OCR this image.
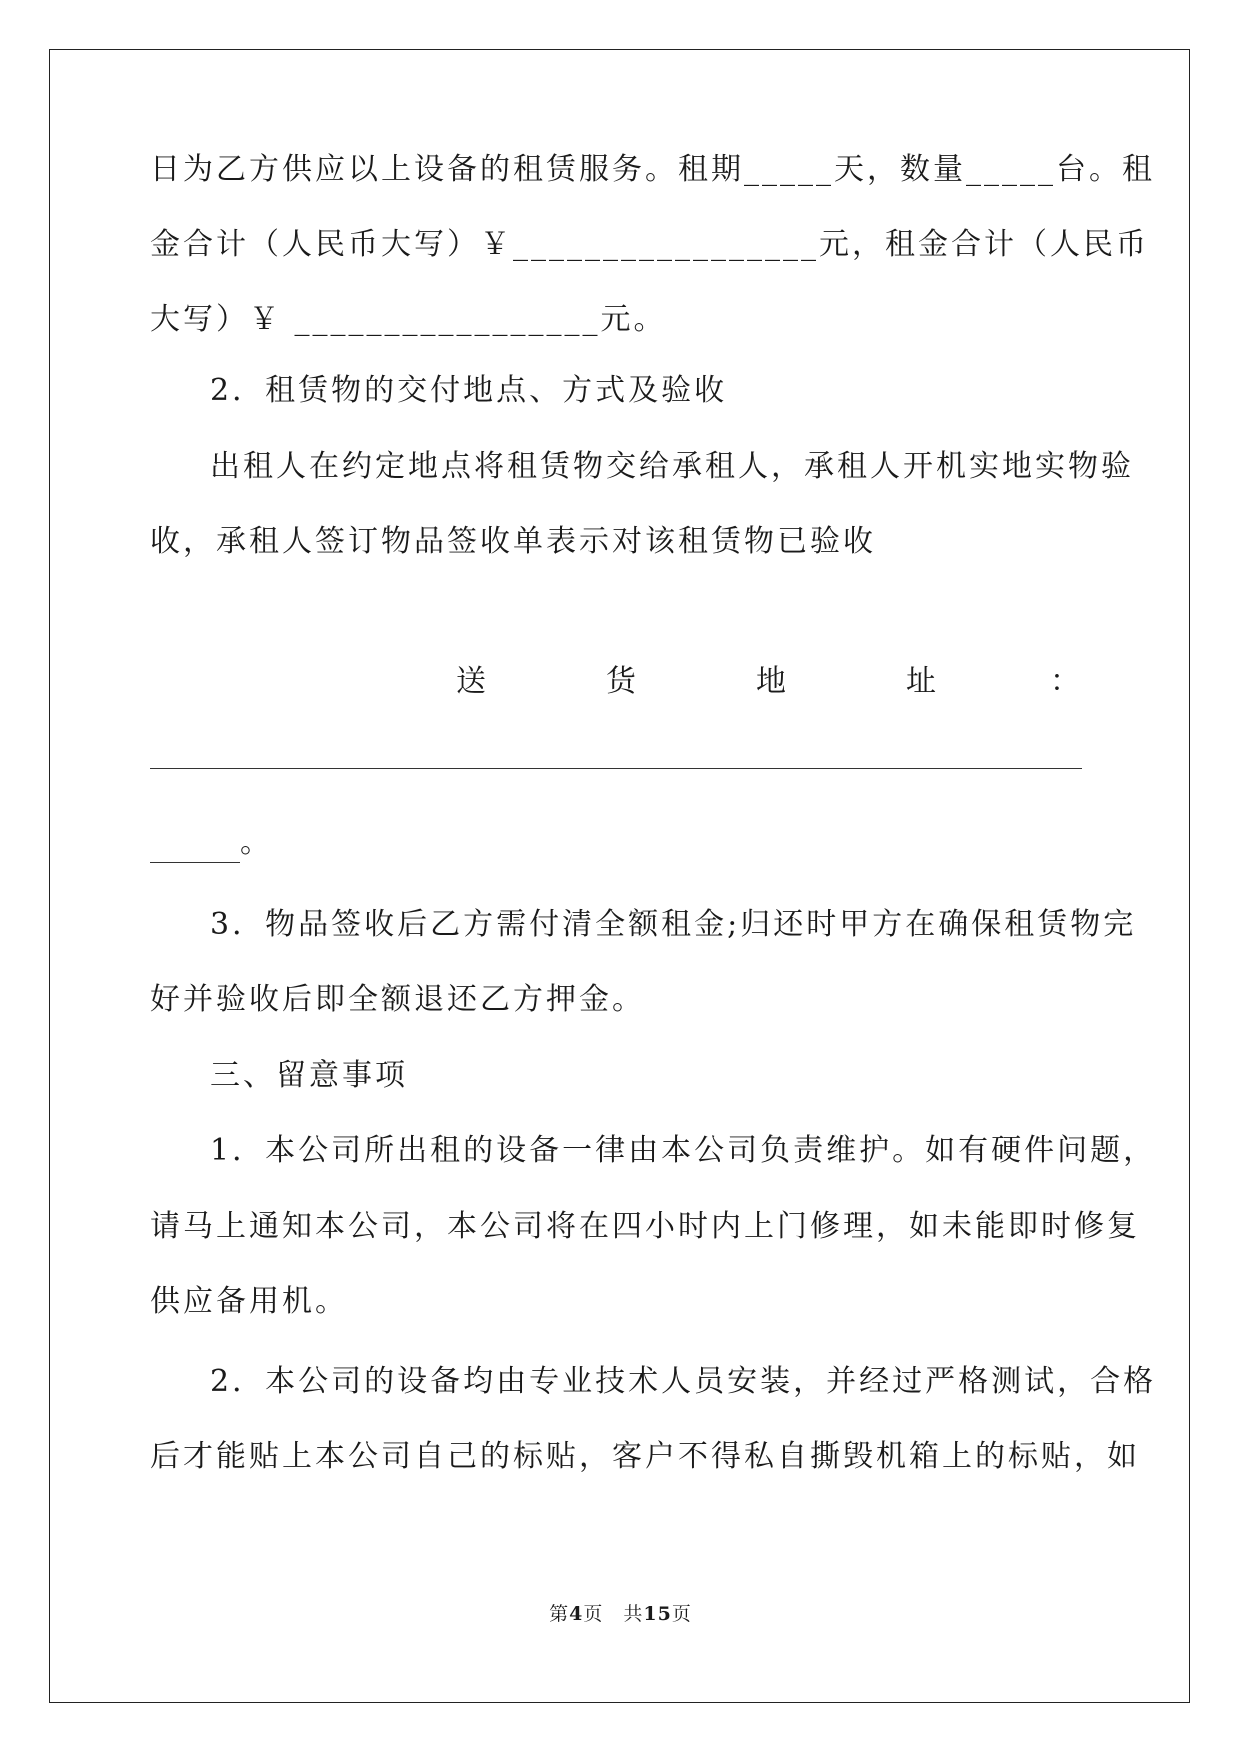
日为乙方供应以上设备的租赁服务。租期_____天，数量_____台。租
金合计（人民币大写）￥_________________元，租金合计（人民币
大写）￥ _________________元。
2．租赁物的交付地点、方式及验收
出租人在约定地点将租赁物交给承租人，承租人开机实地实物验
收，承租人签订物品签收单表示对该租赁物已验收
送	货	地	址	：
。
3．物品签收后乙方需付清全额租金;归还时甲方在确保租赁物完
好并验收后即全额退还乙方押金。
三、留意事项
1．本公司所出租的设备一律由本公司负责维护。如有硬件问题，
请马上通知本公司，本公司将在四小时内上门修理，如未能即时修复
供应备用机。
2．本公司的设备均由专业技术人员安装，并经过严格测试，合格
后才能贴上本公司自己的标贴，客户不得私自撕毁机箱上的标贴，如
第4页　共15页
